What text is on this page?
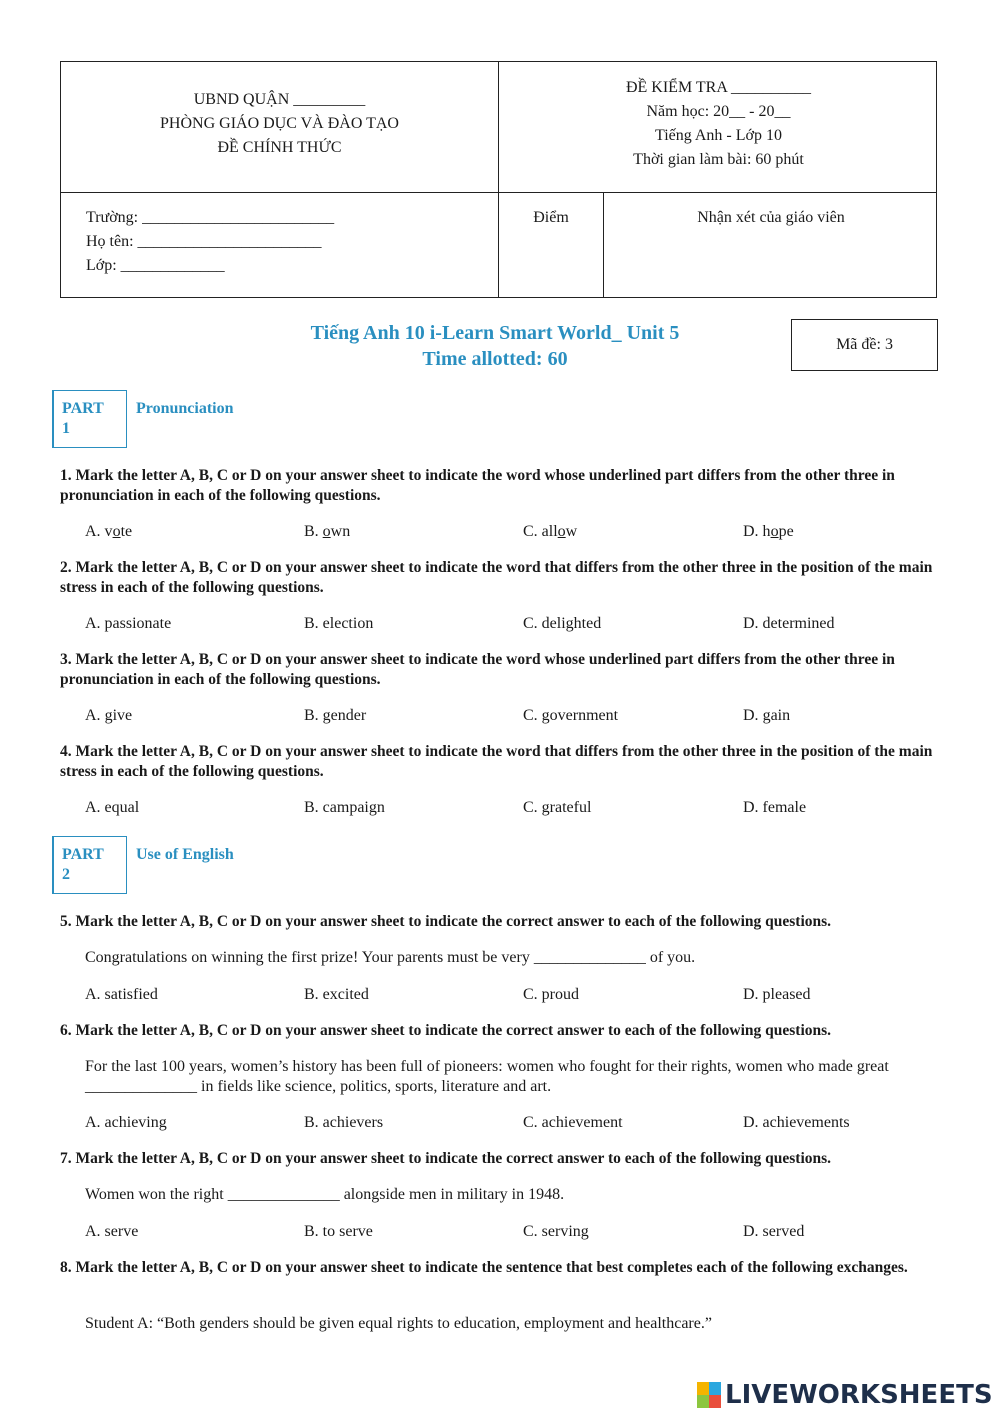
UBND QUẬN _________
PHÒNG GIÁO DỤC VÀ ĐÀO TẠO
ĐỀ CHÍNH THỨC
ĐỀ KIỂM TRA __________
Năm học: 20__ - 20__
Tiếng Anh - Lớp 10
Thời gian làm bài: 60 phút
Trường: ________________________
Họ tên: _______________________
Lớp: _____________
Điểm	Nhận xét của giáo viên
Tiếng Anh 10 i-Learn Smart World_ Unit 5
Time allotted: 60
Mã đề: 3
PART
1
Pronunciation
1. Mark the letter A, B, C or D on your answer sheet to indicate the word whose underlined part differs from the other three in pronunciation in each of the following questions.
A. vote	B. own	C. allow	D. hope
2. Mark the letter A, B, C or D on your answer sheet to indicate the word that differs from the other three in the position of the main stress in each of the following questions.
A. passionate	B. election	C. delighted	D. determined
3. Mark the letter A, B, C or D on your answer sheet to indicate the word whose underlined part differs from the other three in pronunciation in each of the following questions.
A. give	B. gender	C. government	D. gain
4. Mark the letter A, B, C or D on your answer sheet to indicate the word that differs from the other three in the position of the main stress in each of the following questions.
A. equal	B. campaign	C. grateful	D. female
PART
2
Use of English
5. Mark the letter A, B, C or D on your answer sheet to indicate the correct answer to each of the following questions.
Congratulations on winning the first prize! Your parents must be very ______________ of you.
A. satisfied	B. excited	C. proud	D. pleased
6. Mark the letter A, B, C or D on your answer sheet to indicate the correct answer to each of the following questions.
For the last 100 years, women’s history has been full of pioneers: women who fought for their rights, women who made great ______________ in fields like science, politics, sports, literature and art.
A. achieving	B. achievers	C. achievement	D. achievements
7. Mark the letter A, B, C or D on your answer sheet to indicate the correct answer to each of the following questions.
Women won the right ______________ alongside men in military in 1948.
A. serve	B. to serve	C. serving	D. served
8. Mark the letter A, B, C or D on your answer sheet to indicate the sentence that best completes each of the following exchanges.
Student A: “Both genders should be given equal rights to education, employment and healthcare.”
LIVEWORKSHEETS
